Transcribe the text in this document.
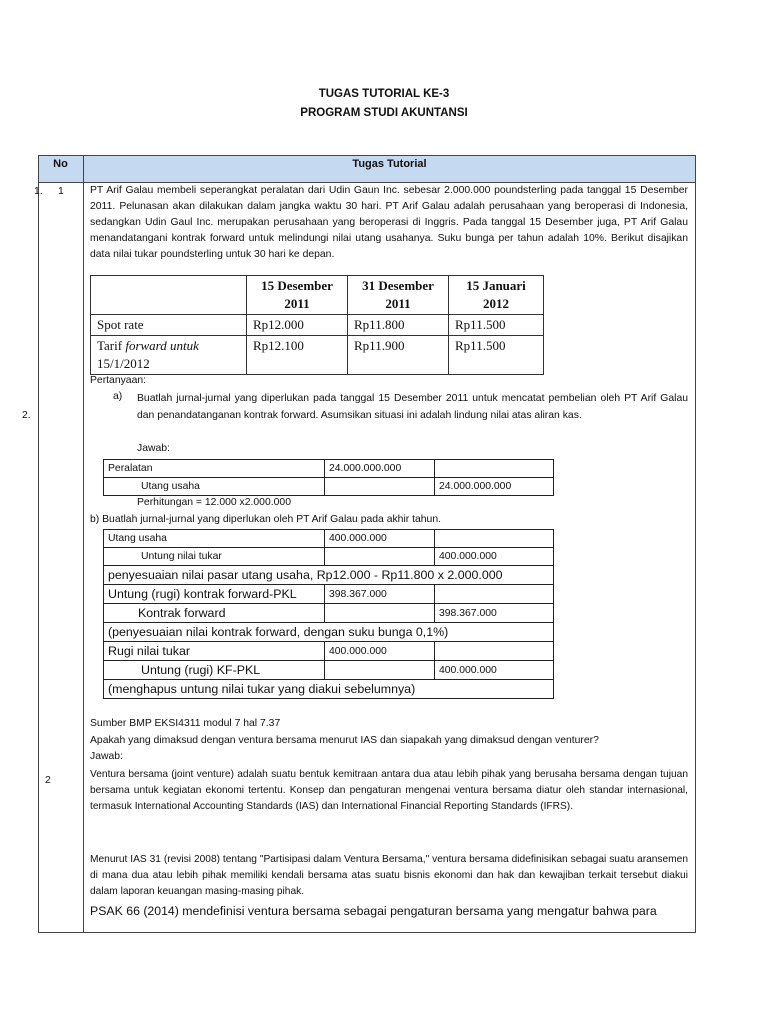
TUGAS TUTORIAL KE-3
PROGRAM STUDI AKUNTANSI
No	Tugas Tutorial
1. 1
2.
2
PT Arif Galau membeli seperangkat peralatan dari Udin Gaun Inc. sebesar 2.000.000 poundsterling pada tanggal 15 Desember 2011. Pelunasan akan dilakukan dalam jangka waktu 30 hari. PT Arif Galau adalah perusahaan yang beroperasi di Indonesia, sedangkan Udin Gaul Inc. merupakan perusahaan yang beroperasi di Inggris. Pada tanggal 15 Desember juga, PT Arif Galau menandatangani kontrak forward untuk melindungi nilai utang usahanya. Suku bunga per tahun adalah 10%. Berikut disajikan data nilai tukar poundsterling untuk 30 hari ke depan.
	15 Desember 2011	31 Desember 2011	15 Januari 2012
Spot rate	Rp12.000	Rp11.800	Rp11.500
Tarif forward untuk
15/1/2012	Rp12.100	Rp11.900	Rp11.500
Pertanyaan:
a) Buatlah jurnal-jurnal yang diperlukan pada tanggal 15 Desember 2011 untuk mencatat pembelian oleh PT Arif Galau dan penandatanganan kontrak forward. Asumsikan situasi ini adalah lindung nilai atas aliran kas.
Jawab:
Peralatan	24.000.000.000	
Utang usaha		24.000.000.000
Perhitungan = 12.000 x2.000.000
b) Buatlah jurnal-jurnal yang diperlukan oleh PT Arif Galau pada akhir tahun.
Utang usaha	400.000.000	
Untung nilai tukar		400.000.000
penyesuaian nilai pasar utang usaha, Rp12.000 - Rp11.800 x 2.000.000		
Untung (rugi) kontrak forward-PKL	398.367.000	
Kontrak forward		398.367.000
(penyesuaian nilai kontrak forward, dengan suku bunga 0,1%)		
Rugi nilai tukar	400.000.000	
Untung (rugi) KF-PKL		400.000.000
(menghapus untung nilai tukar yang diakui sebelumnya)		
Sumber BMP EKSI4311 modul 7 hal 7.37
Apakah yang dimaksud dengan ventura bersama menurut IAS dan siapakah yang dimaksud dengan venturer?
Jawab:
Ventura bersama (joint venture) adalah suatu bentuk kemitraan antara dua atau lebih pihak yang berusaha bersama dengan tujuan bersama untuk kegiatan ekonomi tertentu. Konsep dan pengaturan mengenai ventura bersama diatur oleh standar internasional, termasuk International Accounting Standards (IAS) dan International Financial Reporting Standards (IFRS).
Menurut IAS 31 (revisi 2008) tentang "Partisipasi dalam Ventura Bersama," ventura bersama didefinisikan sebagai suatu aransemen di mana dua atau lebih pihak memiliki kendali bersama atas suatu bisnis ekonomi dan hak dan kewajiban terkait tersebut diakui dalam laporan keuangan masing-masing pihak.
PSAK 66 (2014) mendefinisi ventura bersama sebagai pengaturan bersama yang mengatur bahwa para
